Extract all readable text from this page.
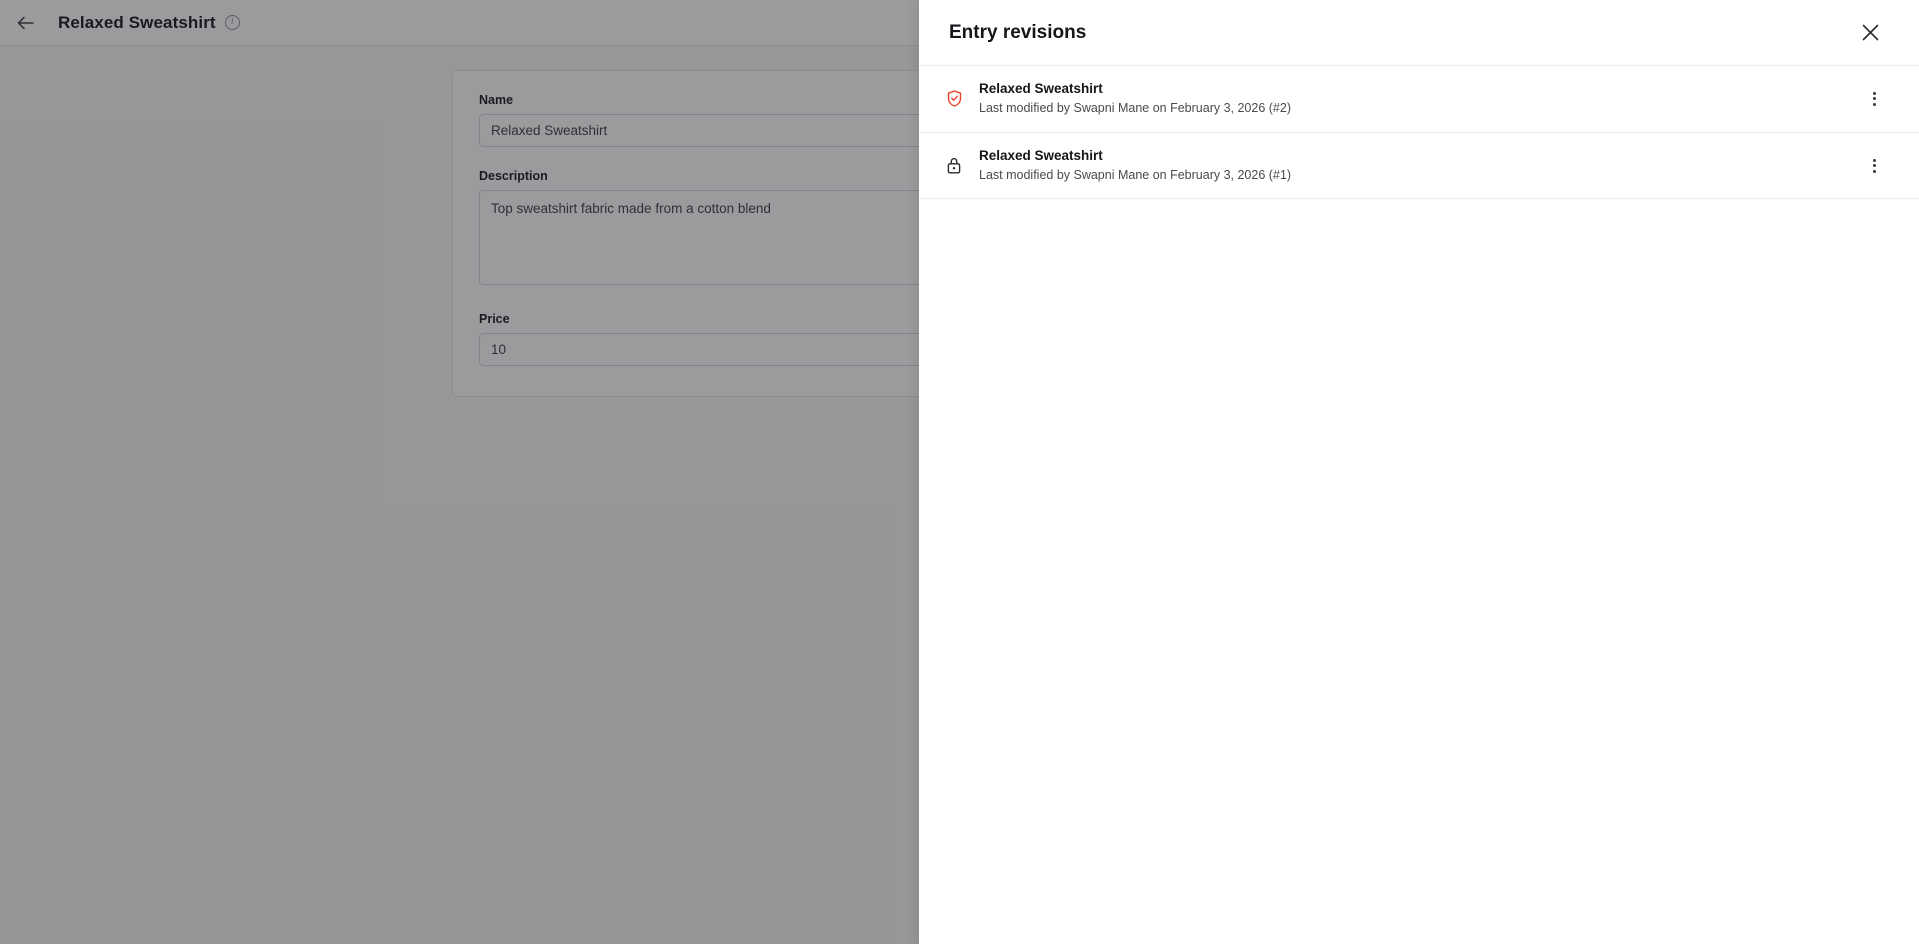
Relaxed Sweatshirt	i
Name
Relaxed Sweatshirt
Description
Top sweatshirt fabric made from a cotton blend
Price
10
Entry revisions
Relaxed Sweatshirt
Last modified by Swapni Mane on February 3, 2026 (#2)
Relaxed Sweatshirt
Last modified by Swapni Mane on February 3, 2026 (#1)
